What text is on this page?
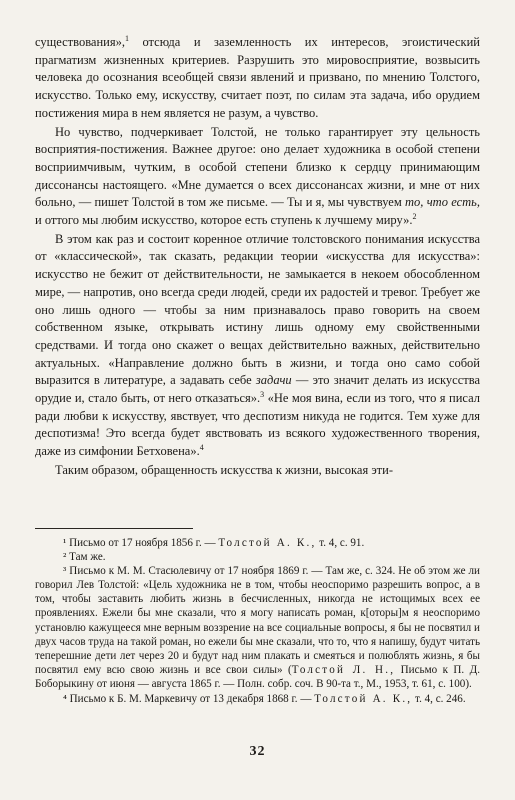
существования»,$^1$ отсюда и заземленность их интересов, эгоистический прагматизм жизненных критериев. Разрушить это мировосприятие, возвысить человека до осознания всеобщей связи явлений и призвано, по мнению Толстого, искусство. Только ему, искусству, считает поэт, по силам эта задача, ибо орудием постижения мира в нем является не разум, а чувство.

Но чувство, подчеркивает Толстой, не только гарантирует эту цельность восприятия-постижения. Важнее другое: оно делает художника в особой степени восприимчивым, чутким, в особой степени близко к сердцу принимающим диссонансы настоящего. «Мне думается о всех диссонансах жизни, и мне от них больно, — пишет Толстой в том же письме. — Ты и я, мы чувствуем то, что есть, и оттого мы любим искусство, которое есть ступень к лучшему миру».$^2$

В этом как раз и состоит коренное отличие толстовского понимания искусства от «классической», так сказать, редакции теории «искусства для искусства»: искусство не бежит от действительности, не замыкается в некоем обособленном мире, — напротив, оно всегда среди людей, среди их радостей и тревог. Требует же оно лишь одного — чтобы за ним признавалось право говорить на своем собственном языке, открывать истину лишь одному ему свойственными средствами. И тогда оно скажет о вещах действительно важных, действительно актуальных. «Направление должно быть в жизни, и тогда оно само собой выразится в литературе, а задавать себе задачи — это значит делать из искусства орудие и, стало быть, от него отказаться».$^3$ «Не моя вина, если из того, что я писал ради любви к искусству, явствует, что деспотизм никуда не годится. Тем хуже для деспотизма! Это всегда будет явствовать из всякого художественного творения, даже из симфонии Бетховена».$^4$

Таким образом, обращенность искусства к жизни, высокая эти-

¹ Письмо от 17 ноября 1856 г. — Толстой А. К., т. 4, с. 91.

² Там же.

³ Письмо к М. М. Стасюлевичу от 17 ноября 1869 г. — Там же, с. 324. Не об этом же ли говорил Лев Толстой: «Цель художника не в том, чтобы неоспоримо разрешить вопрос, а в том, чтобы заставить любить жизнь в бесчисленных, никогда не истощимых всех ее проявлениях. Ежели бы мне сказали, что я могу написать роман, к[оторы]м я неоспоримо установлю кажущееся мне верным воззрение на все социальные вопросы, я бы не посвятил и двух часов труда на такой роман, но ежели бы мне сказали, что то, что я напишу, будут читать теперешние дети лет через 20 и будут над ним плакать и смеяться и полюблять жизнь, я бы посвятил ему всю свою жизнь и все свои силы» (Толстой Л. Н., Письмо к П. Д. Боборыкину от июня — августа 1865 г. — Полн. собр. соч. В 90-та т., М., 1953, т. 61, с. 100).

⁴ Письмо к Б. М. Маркевичу от 13 декабря 1868 г. — Толстой А. К., т. 4, с. 246.

32
